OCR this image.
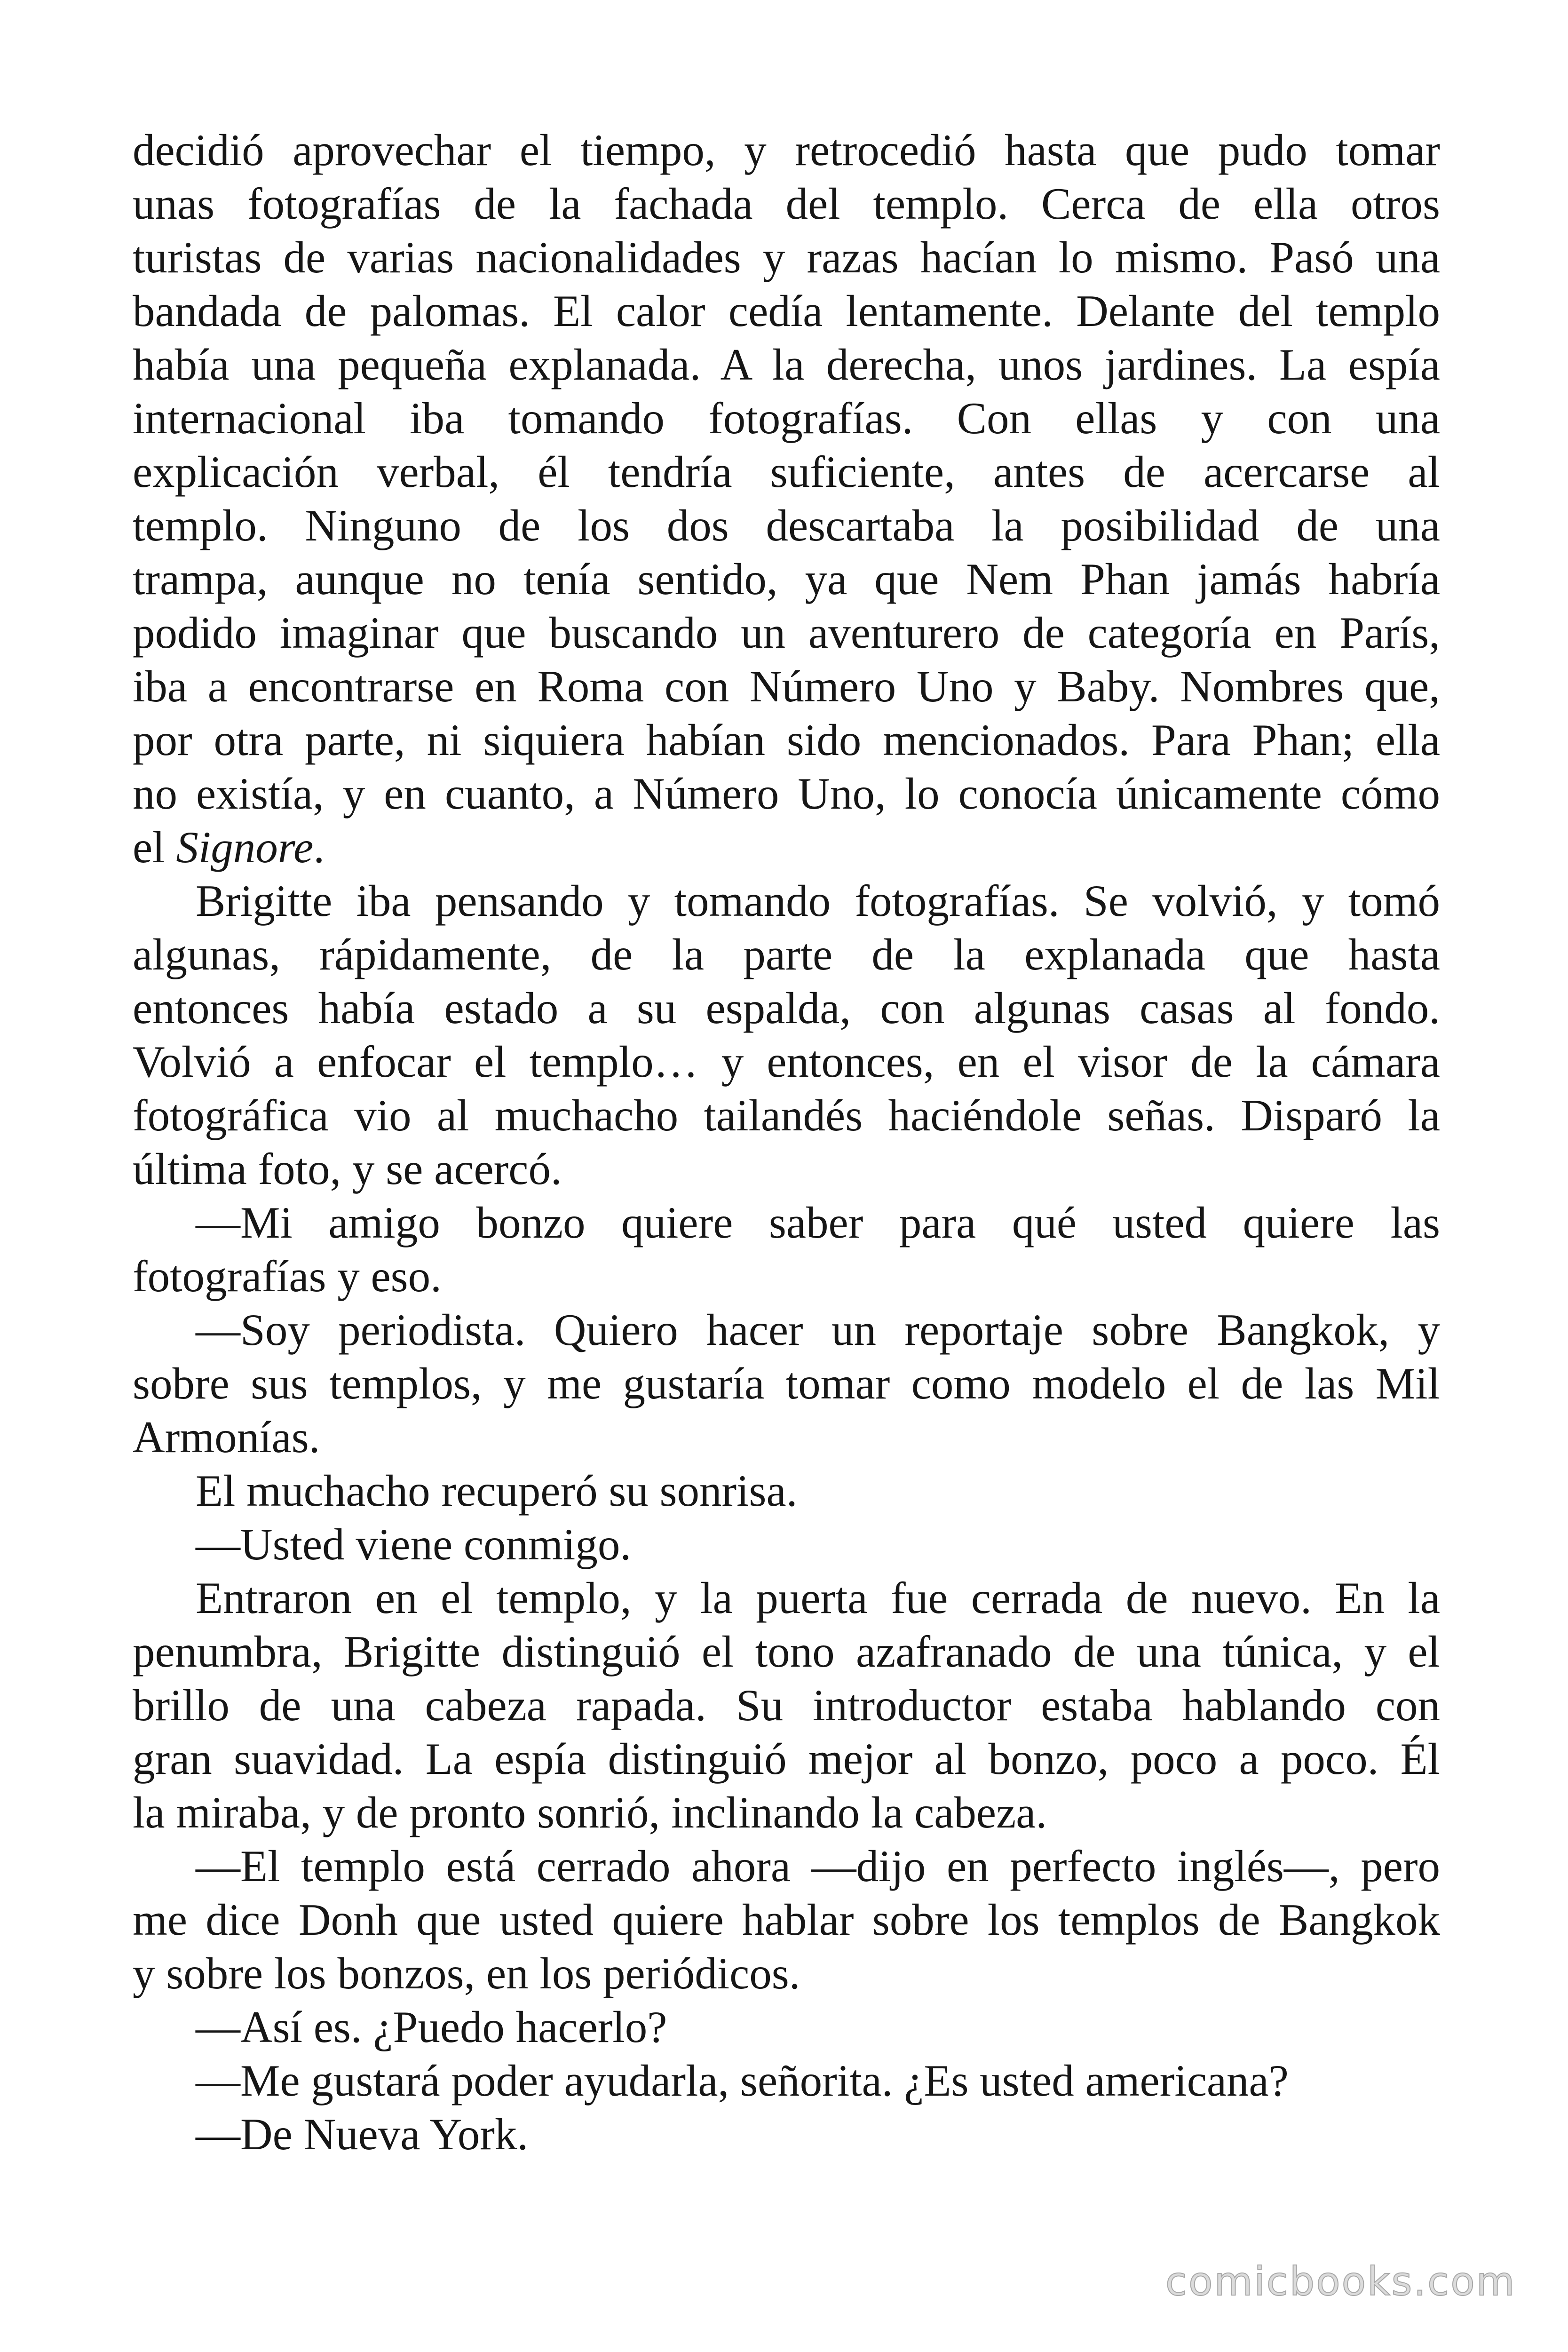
decidió aprovechar el tiempo, y retrocedió hasta que pudo tomar
unas fotografías de la fachada del templo. Cerca de ella otros
turistas de varias nacionalidades y razas hacían lo mismo. Pasó una
bandada de palomas. El calor cedía lentamente. Delante del templo
había una pequeña explanada. A la derecha, unos jardines. La espía
internacional iba tomando fotografías. Con ellas y con una
explicación verbal, él tendría suficiente, antes de acercarse al
templo. Ninguno de los dos descartaba la posibilidad de una
trampa, aunque no tenía sentido, ya que Nem Phan jamás habría
podido imaginar que buscando un aventurero de categoría en París,
iba a encontrarse en Roma con Número Uno y Baby. Nombres que,
por otra parte, ni siquiera habían sido mencionados. Para Phan; ella
no existía, y en cuanto, a Número Uno, lo conocía únicamente cómo
el Signore.
Brigitte iba pensando y tomando fotografías. Se volvió, y tomó
algunas, rápidamente, de la parte de la explanada que hasta
entonces había estado a su espalda, con algunas casas al fondo.
Volvió a enfocar el templo… y entonces, en el visor de la cámara
fotográfica vio al muchacho tailandés haciéndole señas. Disparó la
última foto, y se acercó.
—Mi amigo bonzo quiere saber para qué usted quiere las
fotografías y eso.
—Soy periodista. Quiero hacer un reportaje sobre Bangkok, y
sobre sus templos, y me gustaría tomar como modelo el de las Mil
Armonías.
El muchacho recuperó su sonrisa.
—Usted viene conmigo.
Entraron en el templo, y la puerta fue cerrada de nuevo. En la
penumbra, Brigitte distinguió el tono azafranado de una túnica, y el
brillo de una cabeza rapada. Su introductor estaba hablando con
gran suavidad. La espía distinguió mejor al bonzo, poco a poco. Él
la miraba, y de pronto sonrió, inclinando la cabeza.
—El templo está cerrado ahora —dijo en perfecto inglés—, pero
me dice Donh que usted quiere hablar sobre los templos de Bangkok
y sobre los bonzos, en los periódicos.
—Así es. ¿Puedo hacerlo?
—Me gustará poder ayudarla, señorita. ¿Es usted americana?
—De Nueva York.
comicbooks.com
